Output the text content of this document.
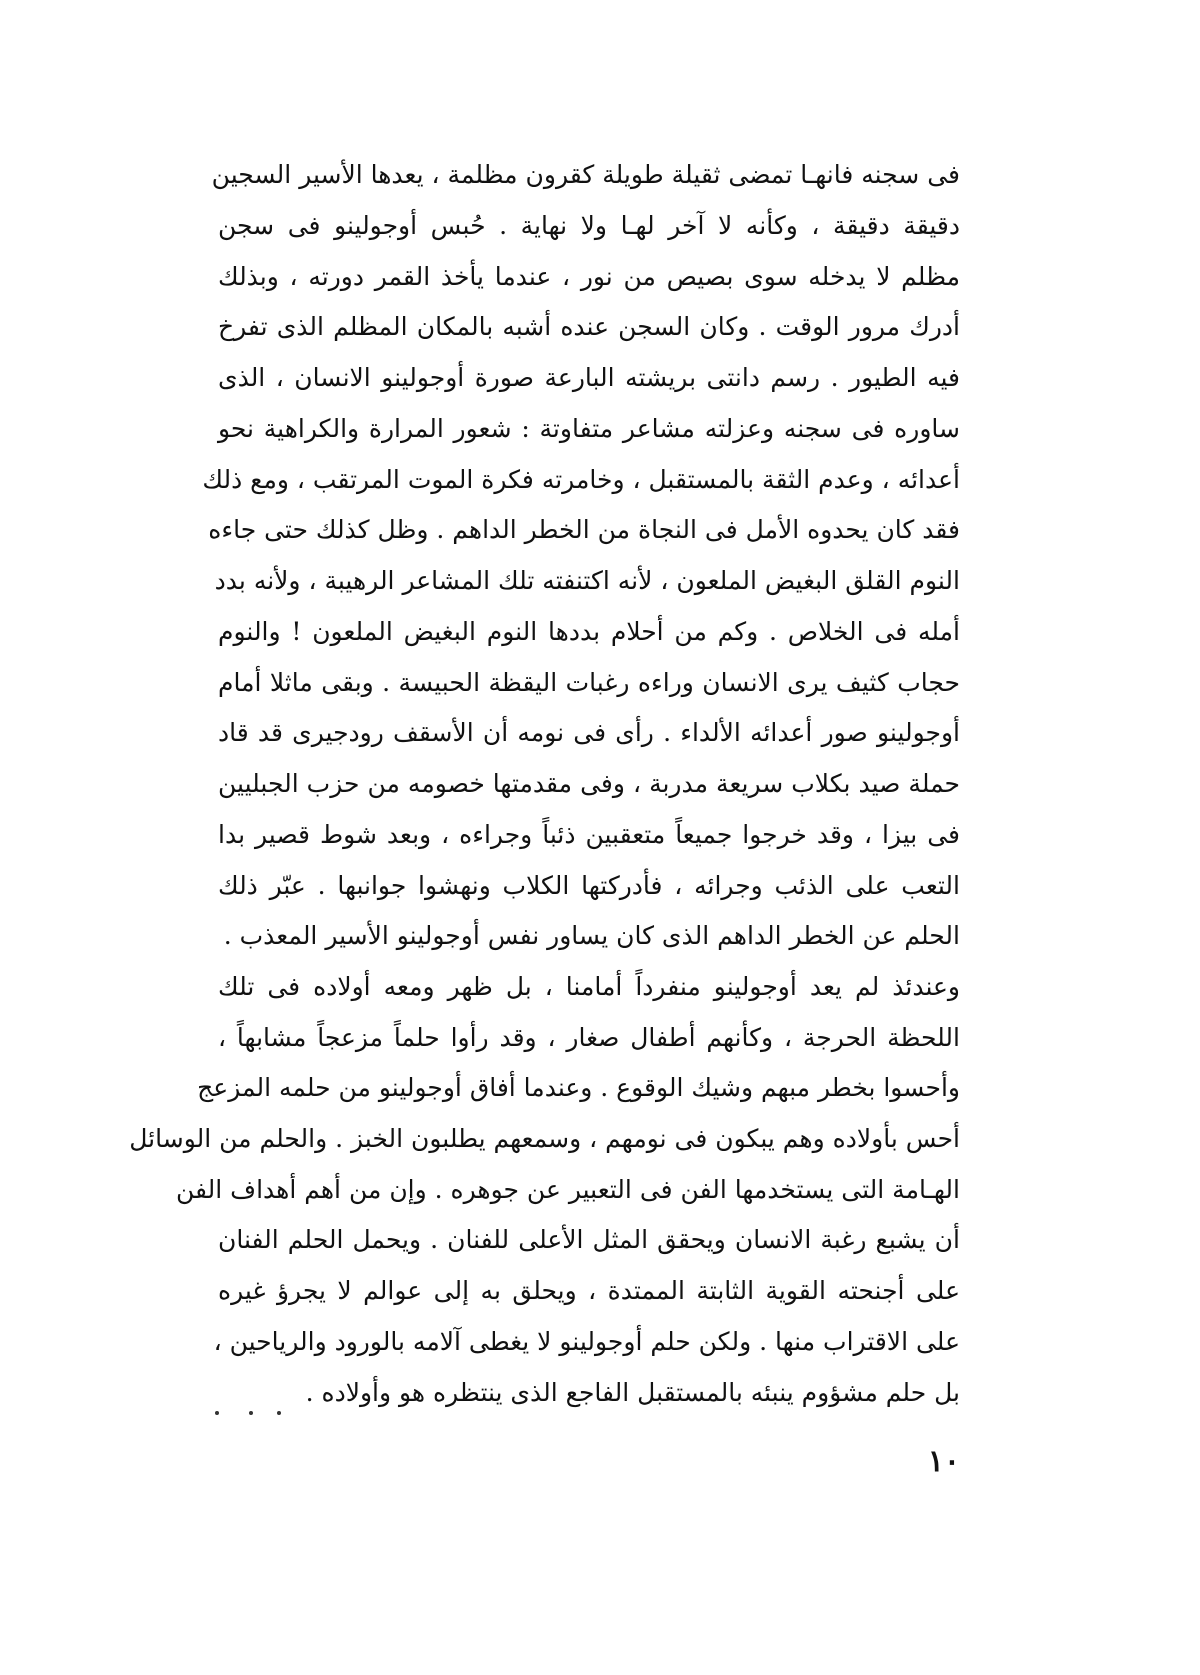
فى سجنه فانهـا تمضى ثقيلة طويلة كقرون مظلمة ، يعدها الأسير السجين
دقيقة دقيقة ، وكأنه لا آخر لهـا ولا نهاية . حُبس أوجولينو فى سجن
مظلم لا يدخله سوى بصيص من نور ، عندما يأخذ القمر دورته ، وبذلك
أدرك مرور الوقت . وكان السجن عنده أشبه بالمكان المظلم الذى تفرخ
فيه الطيور . رسم دانتى بريشته البارعة صورة أوجولينو الانسان ، الذى
ساوره فى سجنه وعزلته مشاعر متفاوتة : شعور المرارة والكراهية نحو
أعدائه ، وعدم الثقة بالمستقبل ، وخامرته فكرة الموت المرتقب ، ومع ذلك
فقد كان يحدوه الأمل فى النجاة من الخطر الداهم . وظل كذلك حتى جاءه
النوم القلق البغيض الملعون ، لأنه اكتنفته تلك المشاعر الرهيبة ، ولأنه بدد
أمله فى الخلاص . وكم من أحلام بددها النوم البغيض الملعون ! والنوم
حجاب كثيف يرى الانسان وراءه رغبات اليقظة الحبيسة . وبقى ماثلا أمام
أوجولينو صور أعدائه الألداء . رأى فى نومه أن الأسقف رودجيرى قد قاد
حملة صيد بكلاب سريعة مدربة ، وفى مقدمتها خصومه من حزب الجبليين
فى بيزا ، وقد خرجوا جميعاً متعقبين ذئباً وجراءه ، وبعد شوط قصير بدا
التعب على الذئب وجرائه ، فأدركتها الكلاب ونهشوا جوانبها . عبّر ذلك
الحلم عن الخطر الداهم الذى كان يساور نفس أوجولينو الأسير المعذب .
وعندئذ لم يعد أوجولينو منفرداً أمامنا ، بل ظهر ومعه أولاده فى تلك
اللحظة الحرجة ، وكأنهم أطفال صغار ، وقد رأوا حلماً مزعجاً مشابهاً ،
وأحسوا بخطر مبهم وشيك الوقوع . وعندما أفاق أوجولينو من حلمه المزعج
أحس بأولاده وهم يبكون فى نومهم ، وسمعهم يطلبون الخبز . والحلم من الوسائل
الهـامة التى يستخدمها الفن فى التعبير عن جوهره . وإن من أهم أهداف الفن
أن يشبع رغبة الانسان ويحقق المثل الأعلى للفنان . ويحمل الحلم الفنان
على أجنحته القوية الثابتة الممتدة ، ويحلق به إلى عوالم لا يجرؤ غيره
على الاقتراب منها . ولكن حلم أوجولينو لا يغطى آلامه بالورود والرياحين ،
بل حلم مشؤوم ينبئه بالمستقبل الفاجع الذى ينتظره هو وأولاده .
١٠
